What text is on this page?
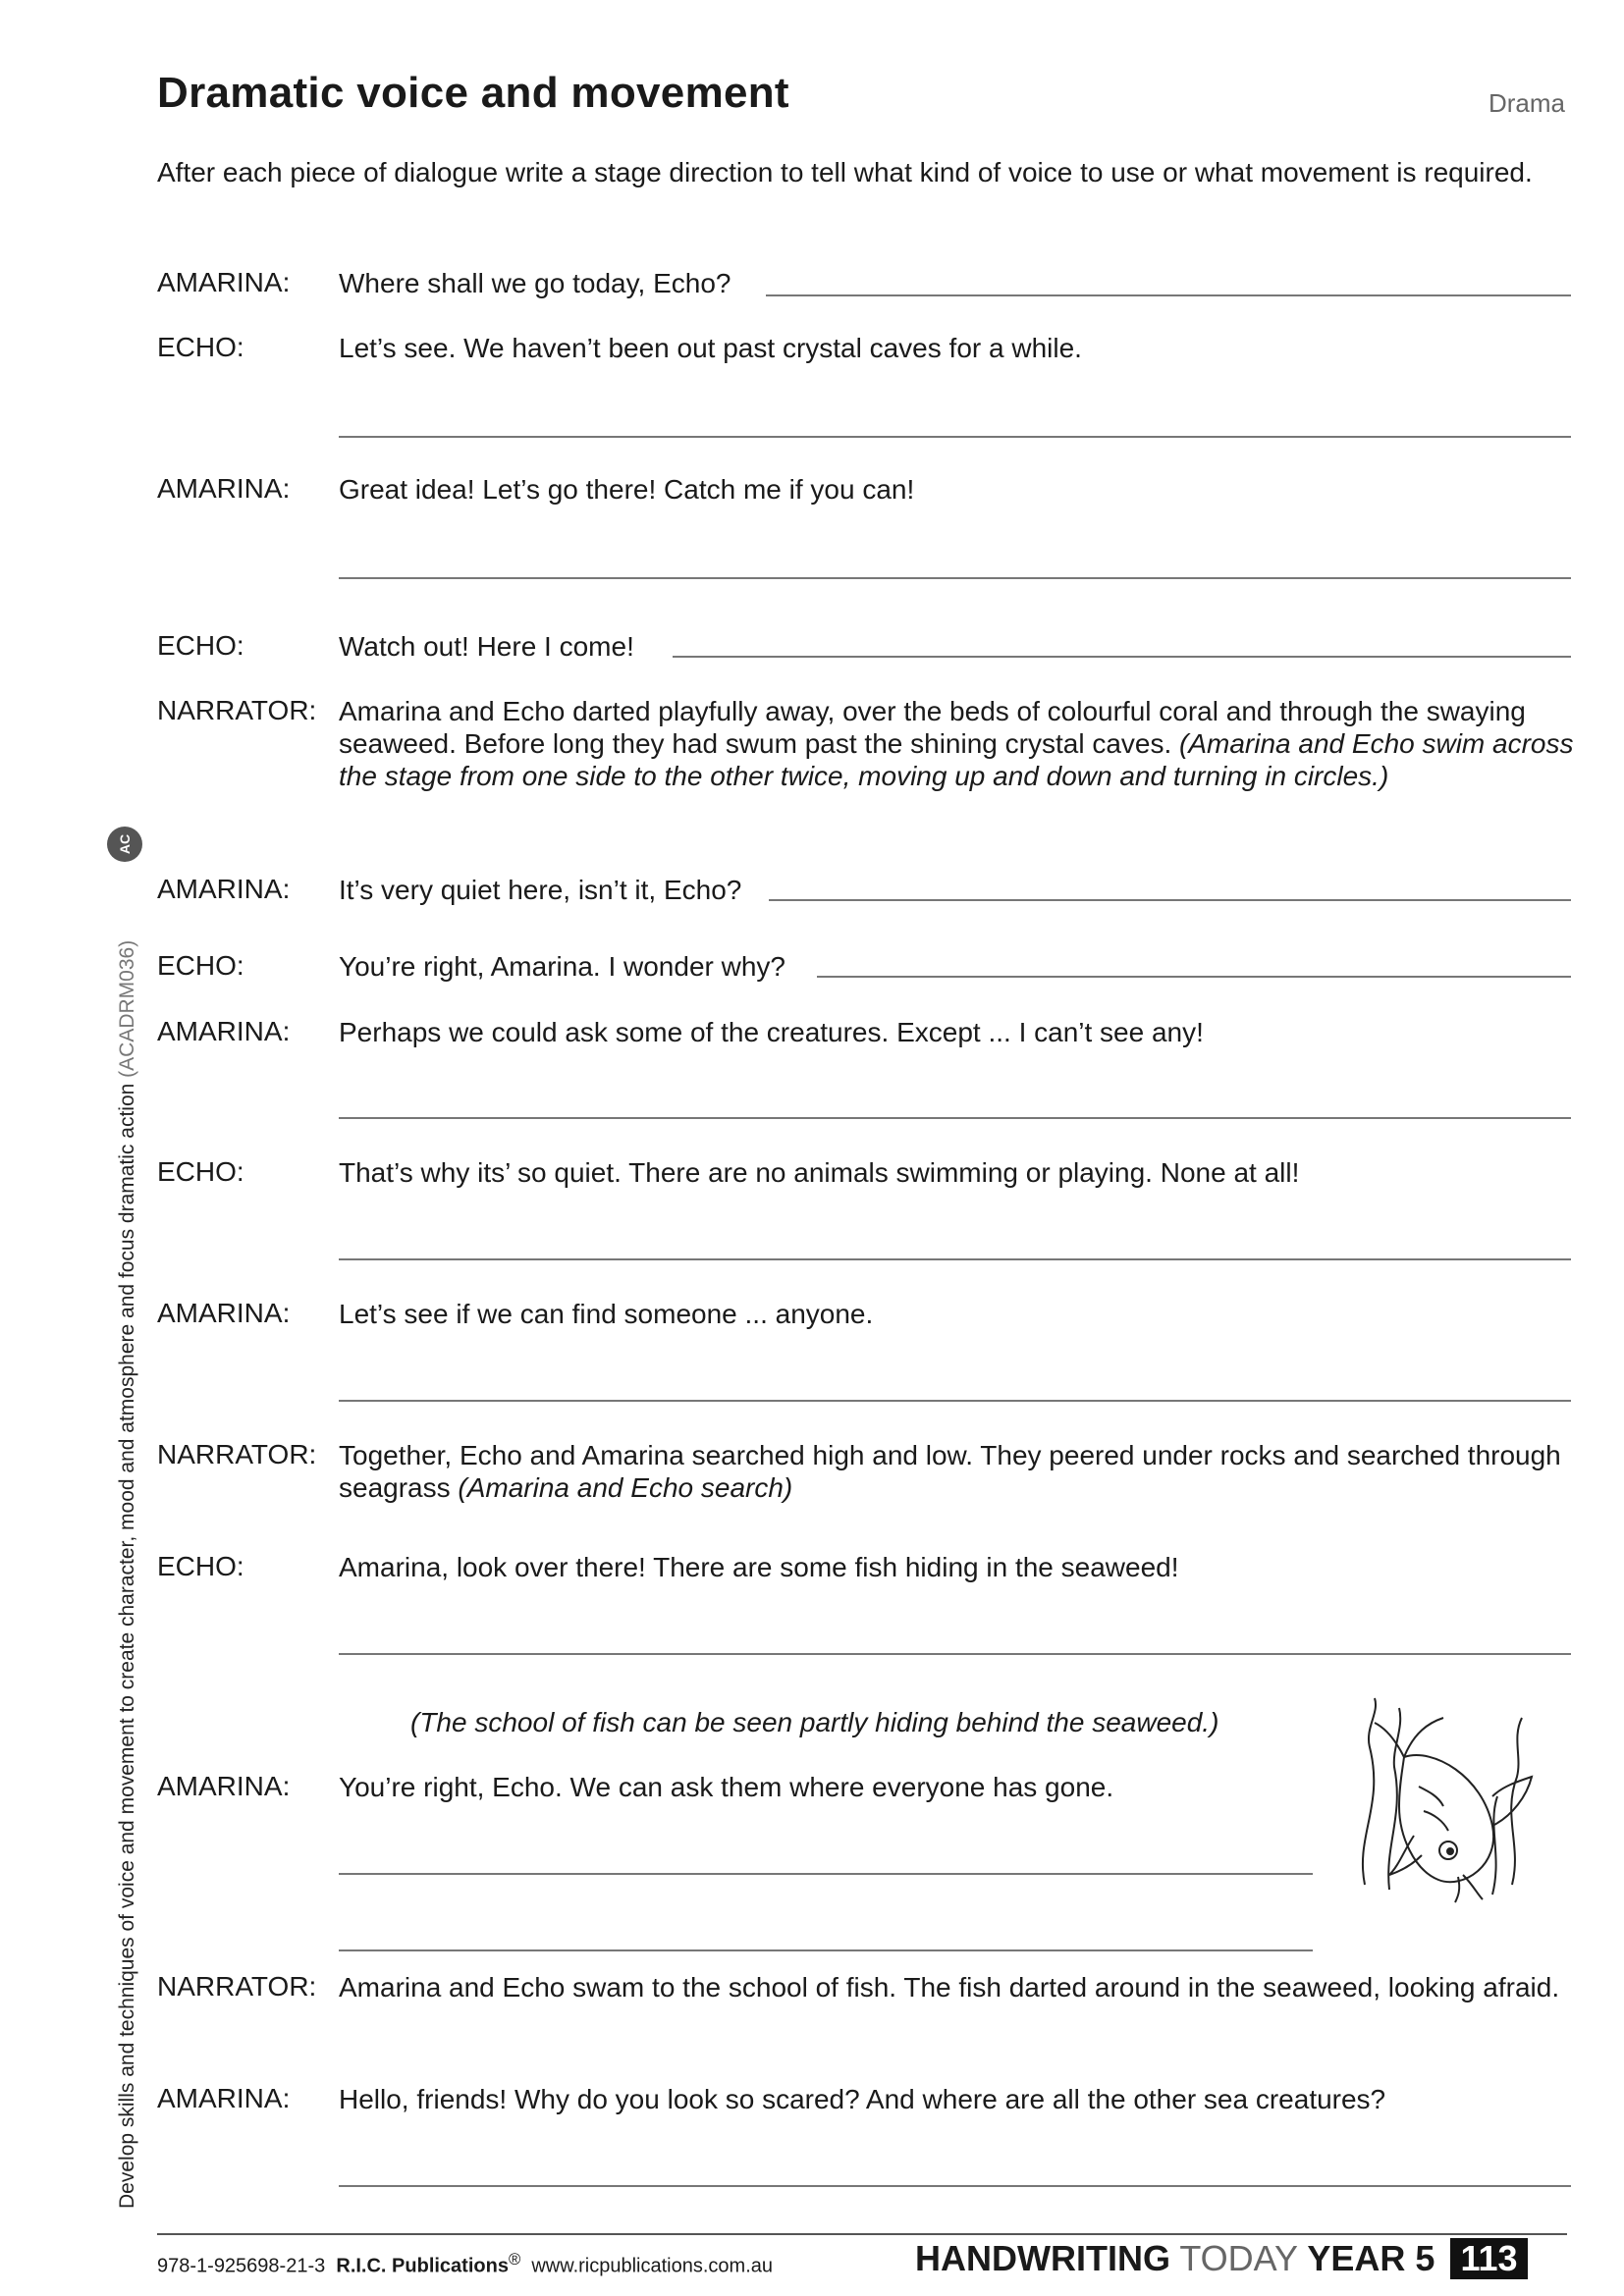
Dramatic voice and movement	Drama
After each piece of dialogue write a stage direction to tell what kind of voice to use or what movement is required.
AMARINA: Where shall we go today, Echo?
ECHO:	Let’s see. We haven’t been out past crystal caves for a while.
AMARINA: Great idea! Let’s go there! Catch me if you can!
ECHO:	Watch out! Here I come!
NARRATOR: Amarina and Echo darted playfully away, over the beds of colourful coral and through the swaying seaweed. Before long they had swum past the shining crystal caves. (Amarina and Echo swim across the stage from one side to the other twice, moving up and down and turning in circles.)
AMARINA: It’s very quiet here, isn’t it, Echo?
ECHO:	You’re right, Amarina. I wonder why?
AMARINA: Perhaps we could ask some of the creatures. Except ... I can’t see any!
ECHO:	That’s why its’ so quiet. There are no animals swimming or playing. None at all!
AMARINA: Let’s see if we can find someone ... anyone.
NARRATOR: Together, Echo and Amarina searched high and low. They peered under rocks and searched through seagrass (Amarina and Echo search)
ECHO:	Amarina, look over there! There are some fish hiding in the seaweed!
(The school of fish can be seen partly hiding behind the seaweed.)
AMARINA: You’re right, Echo. We can ask them where everyone has gone.
NARRATOR: Amarina and Echo swam to the school of fish. The fish darted around in the seaweed, looking afraid.
AMARINA: Hello, friends! Why do you look so scared? And where are all the other sea creatures?
AC
Develop skills and techniques of voice and movement to create character, mood and atmosphere and focus dramatic action (ACADRM036)
978-1-925698-21-3 R.I.C. Publications® www.ricpublications.com.au	HANDWRITING TODAY YEAR 5 113
